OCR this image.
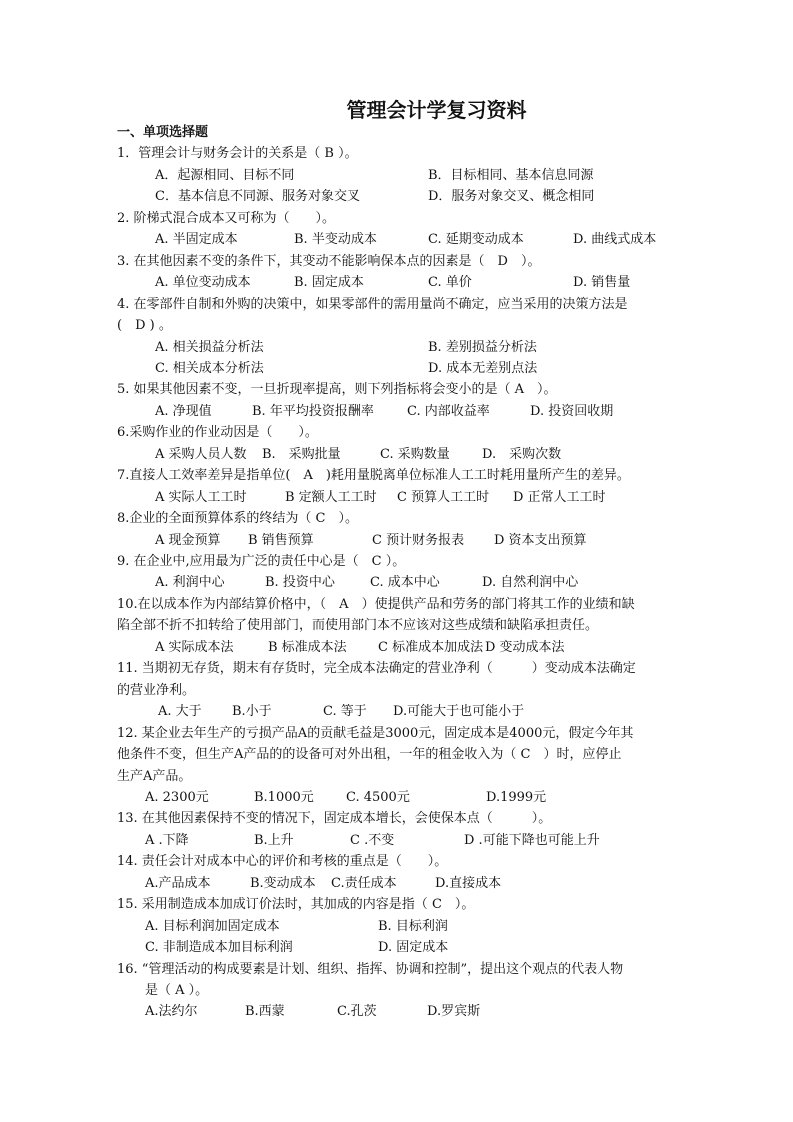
管理会计学复习资料
一、单项选择题
1．管理会计与财务会计的关系是（ B ）。
A．起源相同、目标不同	B．目标相同、基本信息同源
C．基本信息不同源、服务对象交叉	D．服务对象交叉、概念相同
2. 阶梯式混合成本又可称为（　　）。
A. 半固定成本	B. 半变动成本	C. 延期变动成本	D. 曲线式成本
3. 在其他因素不变的条件下，其变动不能影响保本点的因素是（　D　）。
A. 单位变动成本	B. 固定成本	C. 单价	D. 销售量
4. 在零部件自制和外购的决策中，如果零部件的需用量尚不确定，应当采用的决策方法是
(　D ) 。
A. 相关损益分析法	B. 差别损益分析法
C. 相关成本分析法	D. 成本无差别点法
5. 如果其他因素不变，一旦折现率提高，则下列指标将会变小的是（ A　）。
A. 净现值	B. 年平均投资报酬率	C. 内部收益率	D. 投资回收期
6.采购作业的作业动因是（　　）。
A 采购人员人数 B.　采购批量	C. 采购数量 D.　采购次数
7.直接人工效率差异是指单位(　A　)耗用量脱离单位标准人工工时耗用量所产生的差异。
A 实际人工工时	B 定额人工工时 C 预算人工工时 D 正常人工工时
8.企业的全面预算体系的终结为（ C　）。
A 现金预算 B 销售预算	C 预计财务报表 D 资本支出预算
9. 在企业中,应用最为广泛的责任中心是（　C ）。
A. 利润中心	B. 投资中心	C. 成本中心	D. 自然利润中心
10.在以成本作为内部结算价格中，（　A　）使提供产品和劳务的部门将其工作的业绩和缺
陷全部不折不扣转给了使用部门，而使用部门本不应该对这些成绩和缺陷承担责任。
A 实际成本法	B 标准成本法 C 标准成本加成法 D 变动成本法
11. 当期初无存货，期末有存货时，完全成本法确定的营业净利（　　　）变动成本法确定
的营业净利。
A. 大于 B.小于	C. 等于 D.可能大于也可能小于
12. 某企业去年生产的亏损产品A的贡献毛益是3000元，固定成本是4000元，假定今年其
他条件不变，但生产A产品的的设备可对外出租，一年的租金收入为（ C　）时，应停止
生产A产品。
A. 2300元	B.1000元 C. 4500元	D.1999元
13. 在其他因素保持不变的情况下，固定成本增长，会使保本点（　　　）。
A .下降	B.上升	C .不变	D .可能下降也可能上升
14. 责任会计对成本中心的评价和考核的重点是（　　）。
A.产品成本	B.变动成本 C.责任成本	D.直接成本
15. 采用制造成本加成订价法时，其加成的内容是指（ C　）。
A. 目标利润加固定成本	B. 目标利润
C. 非制造成本加目标利润	D. 固定成本
16. “管理活动的构成要素是计划、组织、指挥、协调和控制”，提出这个观点的代表人物
是（ A ）。
A.法约尔	B.西蒙	C.孔茨	D.罗宾斯
